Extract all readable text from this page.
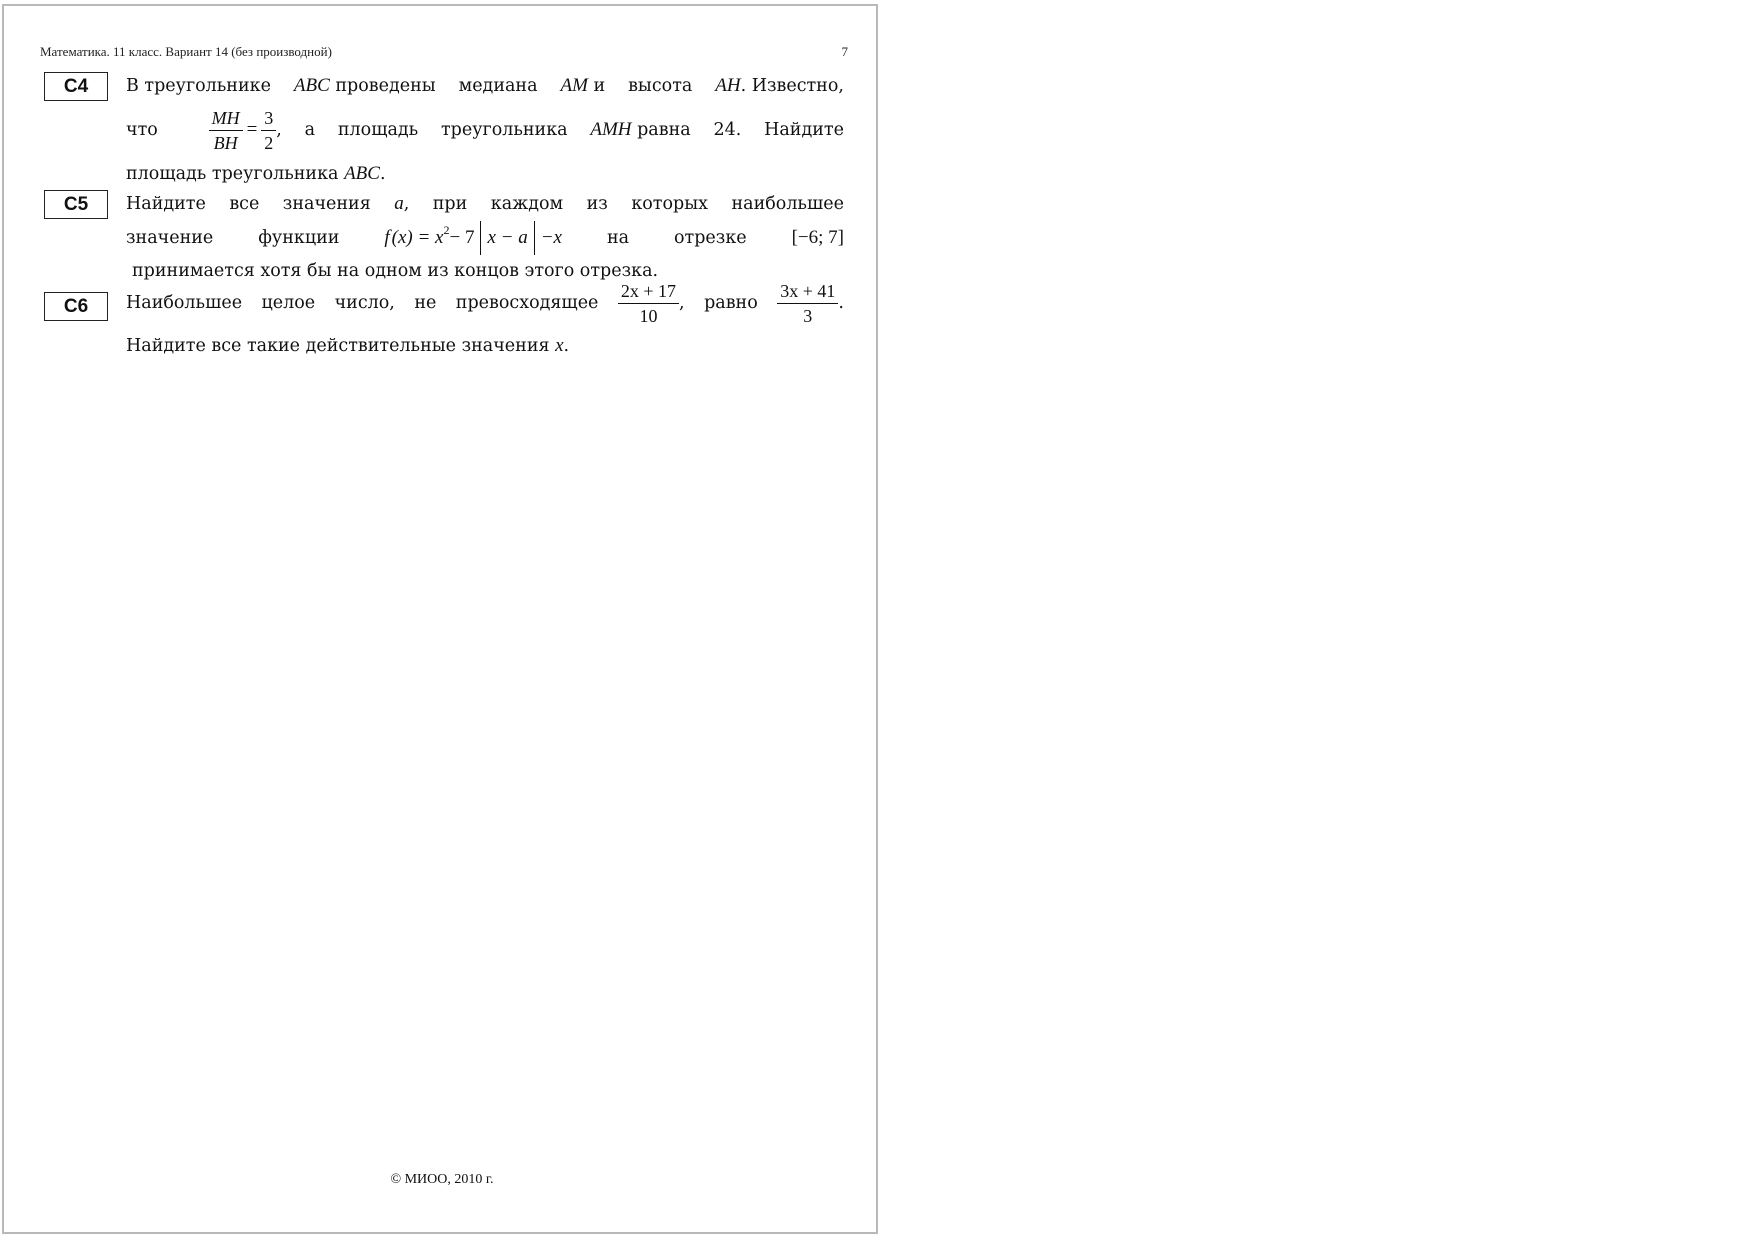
Математика. 11 класс. Вариант 14 (без производной)	7
С4	В треугольнике ABC проведены медиана AM и высота AH. Известно,
что	$\frac{MH}{BH} = \frac{3}{2}$ , а площадь треугольника AMH равна 24. Найдите
площадь треугольника ABC.
С5	Найдите все значения a, при каждом из которых наибольшее
значение	функции f $(x) = x^2 - 7$ x − a −x	на	отрезке [−6; 7]
принимается хотя бы на одном из концов этого отрезка.
С6	Наибольшее целое число, не превосходящее $\frac{2x + 17}{10}$ , равно $\frac{3x + 41}{3}$ .
Найдите все такие действительные значения x.
© МИОО, 2010 г.
